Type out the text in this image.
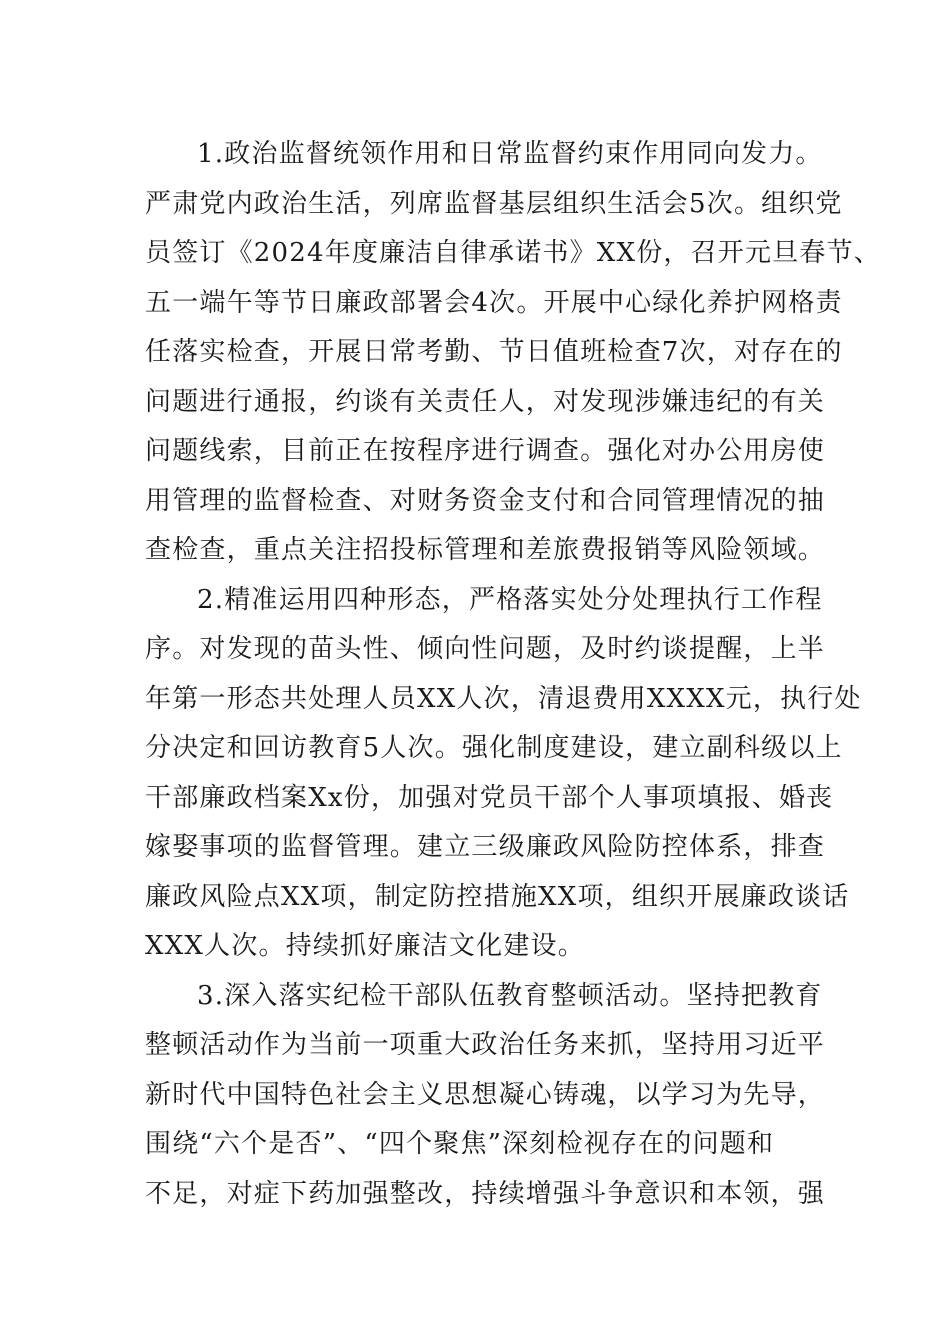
1.政治监督统领作用和日常监督约束作用同向发力。
严肃党内政治生活，列席监督基层组织生活会5次。组织党
员签订《2024年度廉洁自律承诺书》XX份，召开元旦春节、
五一端午等节日廉政部署会4次。开展中心绿化养护网格责
任落实检查，开展日常考勤、节日值班检查7次，对存在的
问题进行通报，约谈有关责任人，对发现涉嫌违纪的有关
问题线索，目前正在按程序进行调查。强化对办公用房使
用管理的监督检查、对财务资金支付和合同管理情况的抽
查检查，重点关注招投标管理和差旅费报销等风险领域。
2.精准运用四种形态，严格落实处分处理执行工作程
序。对发现的苗头性、倾向性问题，及时约谈提醒，上半
年第一形态共处理人员XX人次，清退费用XXXX元，执行处
分决定和回访教育5人次。强化制度建设，建立副科级以上
干部廉政档案Xx份，加强对党员干部个人事项填报、婚丧
嫁娶事项的监督管理。建立三级廉政风险防控体系，排查
廉政风险点XX项，制定防控措施XX项，组织开展廉政谈话
XXX人次。持续抓好廉洁文化建设。
3.深入落实纪检干部队伍教育整顿活动。坚持把教育
整顿活动作为当前一项重大政治任务来抓，坚持用习近平
新时代中国特色社会主义思想凝心铸魂，以学习为先导，
围绕“六个是否”、“四个聚焦”深刻检视存在的问题和
不足，对症下药加强整改，持续增强斗争意识和本领，强
